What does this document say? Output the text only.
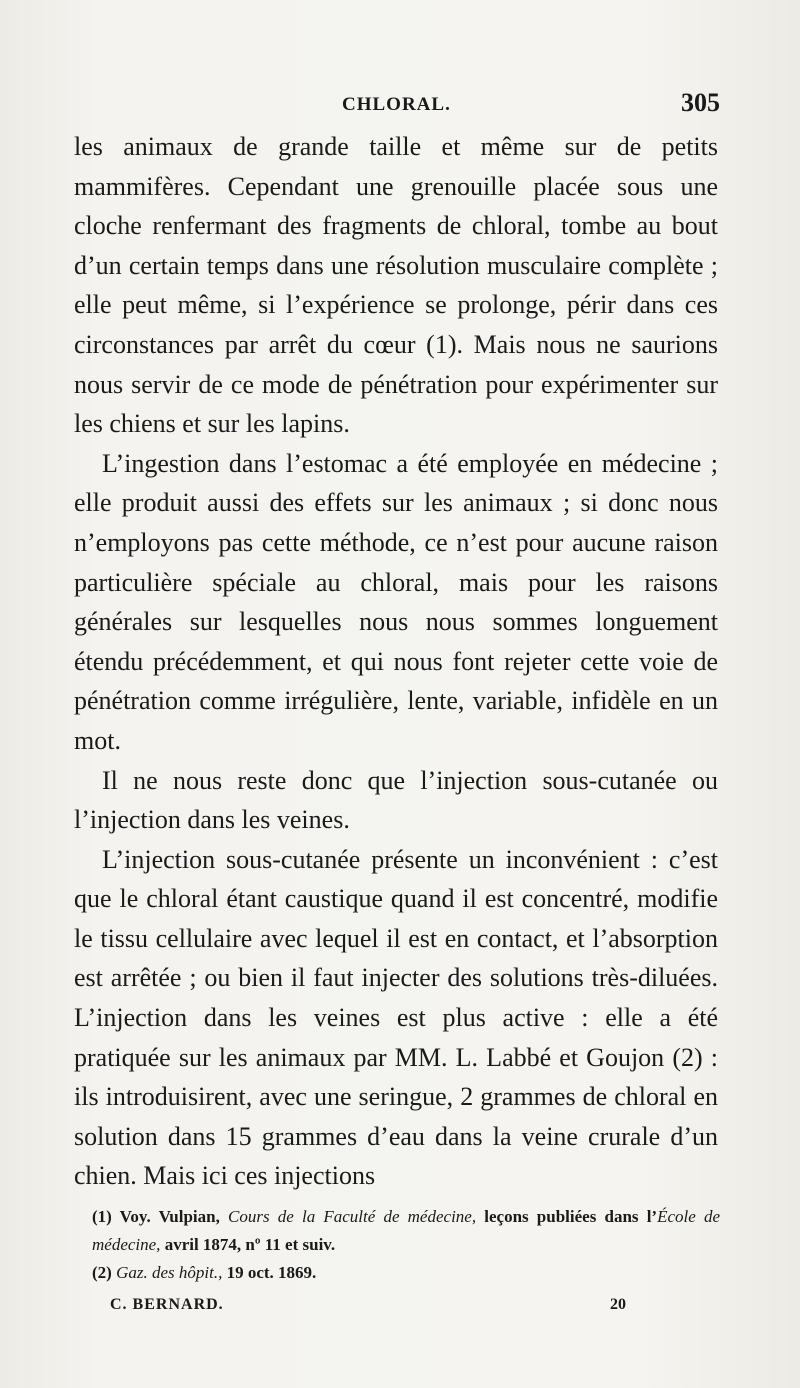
CHLORAL.	305

les animaux de grande taille et même sur de petits mammifères. Cependant une grenouille placée sous une cloche renfermant des fragments de chloral, tombe au bout d’un certain temps dans une résolution musculaire complète ; elle peut même, si l’expérience se prolonge, périr dans ces circonstances par arrêt du cœur (1). Mais nous ne saurions nous servir de ce mode de pénétration pour expérimenter sur les chiens et sur les lapins.

L’ingestion dans l’estomac a été employée en médecine ; elle produit aussi des effets sur les animaux ; si donc nous n’employons pas cette méthode, ce n’est pour aucune raison particulière spéciale au chloral, mais pour les raisons générales sur lesquelles nous nous sommes longuement étendu précédemment, et qui nous font rejeter cette voie de pénétration comme irrégulière, lente, variable, infidèle en un mot.

Il ne nous reste donc que l’injection sous-cutanée ou l’injection dans les veines.

L’injection sous-cutanée présente un inconvénient : c’est que le chloral étant caustique quand il est concentré, modifie le tissu cellulaire avec lequel il est en contact, et l’absorption est arrêtée ; ou bien il faut injecter des solutions très-diluées. L’injection dans les veines est plus active : elle a été pratiquée sur les animaux par MM. L. Labbé et Goujon (2) : ils introduisirent, avec une seringue, 2 grammes de chloral en solution dans 15 grammes d’eau dans la veine crurale d’un chien. Mais ici ces injections

(1) Voy. Vulpian, Cours de la Faculté de médecine, leçons publiées dans l’École de médecine, avril 1874, nº 11 et suiv.

(2) Gaz. des hôpit., 19 oct. 1869.

C. BERNARD.	20
